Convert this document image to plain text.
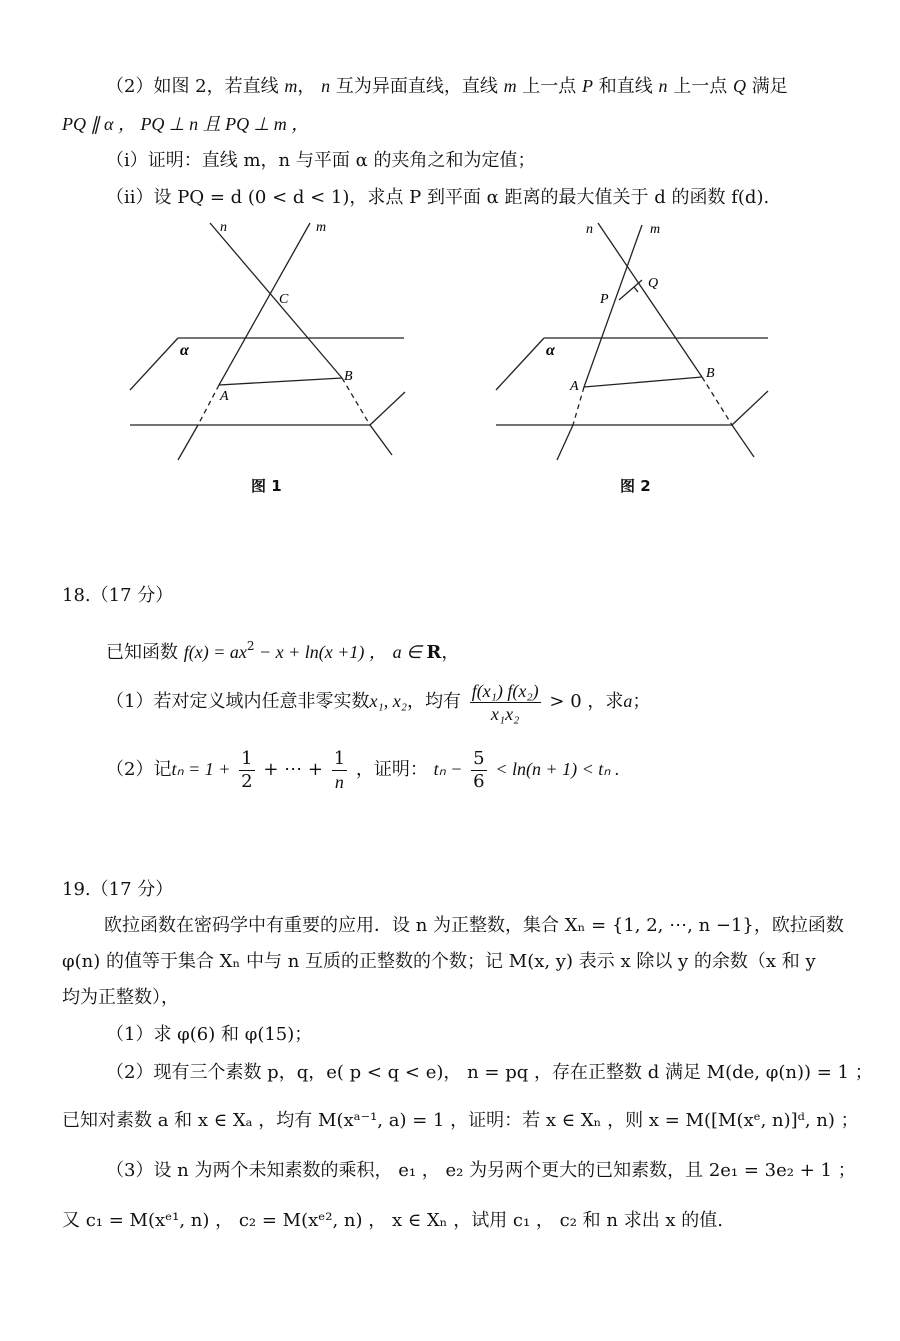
（2）如图 2，若直线 m， n 互为异面直线，直线 m 上一点 P 和直线 n 上一点 Q 满足
PQ ∥ α ， PQ ⊥ n 且 PQ ⊥ m ，
（i）证明：直线 m，n 与平面 α 的夹角之和为定值；
（ii）设 PQ = d (0 < d < 1)，求点 P 到平面 α 距离的最大值关于 d 的函数 f(d).
n	m
C
α
A
B
图 1
n	m
Q
P
α
A
B
图 2
18.（17 分）
已知函数 $f(x) = ax^2 - x + \ln(x +1)$ ， a ∈ R，
（1）若对定义域内任意非零实数x₁, x₂，均有 $\frac{\text{f(x₁) f(x₂)}}{\text{x₁x₂}} > 0$ ，求a；
（2）记$t_n = 1 + \frac{1}{2}$ + ⋯ + $\frac{1}{n}$ ，证明： $t_n - \frac{5}{6} < \ln(n + 1) < t_n$ .
19.（17 分）
欧拉函数在密码学中有重要的应用．设 n 为正整数，集合 Xₙ = {1, 2, ⋯, n −1}，欧拉函数
φ(n) 的值等于集合 Xₙ 中与 n 互质的正整数的个数；记 M(x, y) 表示 x 除以 y 的余数（x 和 y
均为正整数），
（1）求 φ(6) 和 φ(15)；
（2）现有三个素数 p，q，e( p < q < e)， n = pq ，存在正整数 d 满足 M(de, φ(n)) = 1 ；
已知对素数 a 和 x ∈ Xₐ ，均有 M(xᵃ⁻¹, a) = 1 ，证明：若 x ∈ Xₙ ，则 x = M([M(xᵉ, n)]ᵈ, n) ；
（3）设 n 为两个未知素数的乘积， e₁ ， e₂ 为另两个更大的已知素数，且 2e₁ = 3e₂ + 1 ；
又 c₁ = M(xᵉ¹, n) ， c₂ = M(xᵉ², n) ， x ∈ Xₙ ，试用 c₁ ， c₂ 和 n 求出 x 的值.
